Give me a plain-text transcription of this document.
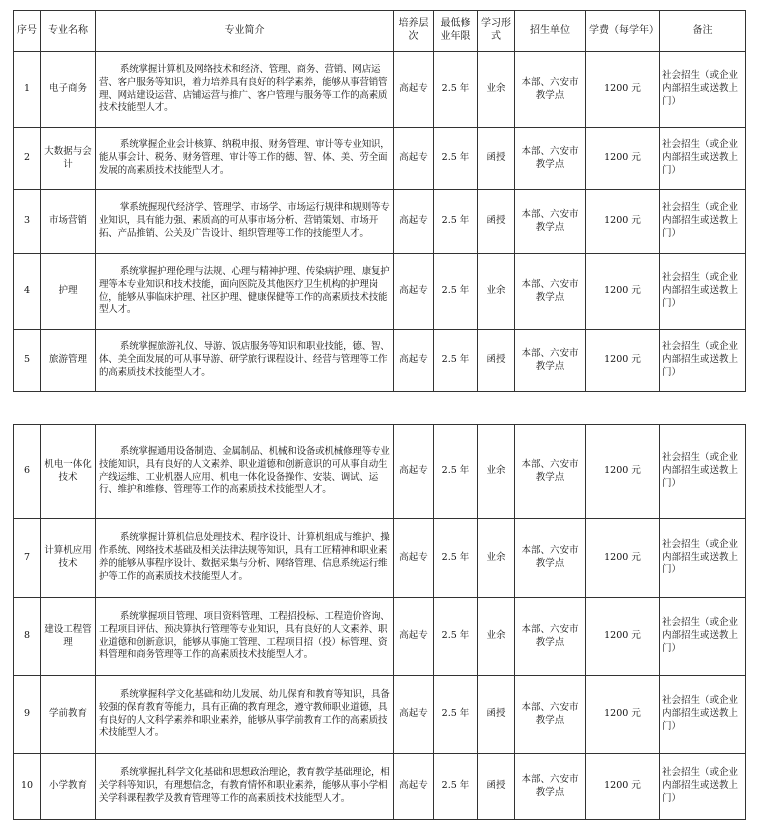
序号	专业名称	专业简介	培养层次	最低修业年限	学习形式	招生单位	学费（每学年）	备注
1	电子商务	系统掌握计算机及网络技术和经济、管理、商务、营销、网店运营、客户服务等知识，着力培养具有良好的科学素养，能够从事营销管理、网站建设运营、店铺运营与推广、客户管理与服务等工作的高素质技术技能型人才。	高起专	2.5 年	业余	本部、六安市教学点	1200 元	社会招生（或企业内部招生或送教上门）
2	大数据与会计	系统掌握企业会计核算、纳税申报、财务管理、审计等专业知识，能从事会计、税务、财务管理、审计等工作的德、智、体、美、劳全面发展的高素质技术技能型人才。	高起专	2.5 年	函授	本部、六安市教学点	1200 元	社会招生（或企业内部招生或送教上门）
3	市场营销	掌系统握现代经济学、管理学、市场学、市场运行规律和规则等专业知识，具有能力强、素质高的可从事市场分析、营销策划、市场开拓、产品推销、公关及广告设计、组织管理等工作的技能型人才。	高起专	2.5 年	函授	本部、六安市教学点	1200 元	社会招生（或企业内部招生或送教上门）
4	护理	系统掌握护理伦理与法规、心理与精神护理、传染病护理、康复护理等本专业知识和技术技能，面向医院及其他医疗卫生机构的护理岗位，能够从事临床护理、社区护理、健康保健等工作的高素质技术技能型人才。	高起专	2.5 年	业余	本部、六安市教学点	1200 元	社会招生（或企业内部招生或送教上门）
5	旅游管理	系统掌握旅游礼仪、导游、饭店服务等知识和职业技能，德、智、体、美全面发展的可从事导游、研学旅行课程设计、经营与管理等工作的高素质技术技能型人才。	高起专	2.5 年	函授	本部、六安市教学点	1200 元	社会招生（或企业内部招生或送教上门）
6	机电一体化技术	系统掌握通用设备制造、金属制品、机械和设备或机械修理等专业技能知识，具有良好的人文素养、职业道德和创新意识的可从事自动生产线运维、工业机器人应用、机电一体化设备操作、安装、调试、运行、维护和维修、管理等工作的高素质技术技能型人才。	高起专	2.5 年	业余	本部、六安市教学点	1200 元	社会招生（或企业内部招生或送教上门）
7	计算机应用技术	系统掌握计算机信息处理技术、程序设计、计算机组成与维护、操作系统、网络技术基础及相关法律法规等知识，具有工匠精神和职业素养的能够从事程序设计、数据采集与分析、网络管理、信息系统运行维护等工作的高素质技术技能型人才。	高起专	2.5 年	业余	本部、六安市教学点	1200 元	社会招生（或企业内部招生或送教上门）
8	建设工程管理	系统掌握项目管理、项目资料管理、工程招投标、工程造价咨询、工程项目评估、预决算执行管理等专业知识，具有良好的人文素养、职业道德和创新意识，能够从事施工管理、工程项目招（投）标管理、资料管理和商务管理等工作的高素质技术技能型人才。	高起专	2.5 年	业余	本部、六安市教学点	1200 元	社会招生（或企业内部招生或送教上门）
9	学前教育	系统掌握科学文化基础和幼儿发展、幼儿保育和教育等知识，具备较强的保育教育等能力，具有正确的教育理念，遵守教师职业道德，具有良好的人文科学素养和职业素养，能够从事学前教育工作的高素质技术技能型人才。	高起专	2.5 年	函授	本部、六安市教学点	1200 元	社会招生（或企业内部招生或送教上门）
10	小学教育	系统掌握扎科学文化基础和思想政治理论，教育教学基础理论，相关学科等知识，有理想信念，有教育情怀和职业素养，能够从事小学相关学科课程教学及教育管理等工作的高素质技术技能型人才。	高起专	2.5 年	函授	本部、六安市教学点	1200 元	社会招生（或企业内部招生或送教上门）
